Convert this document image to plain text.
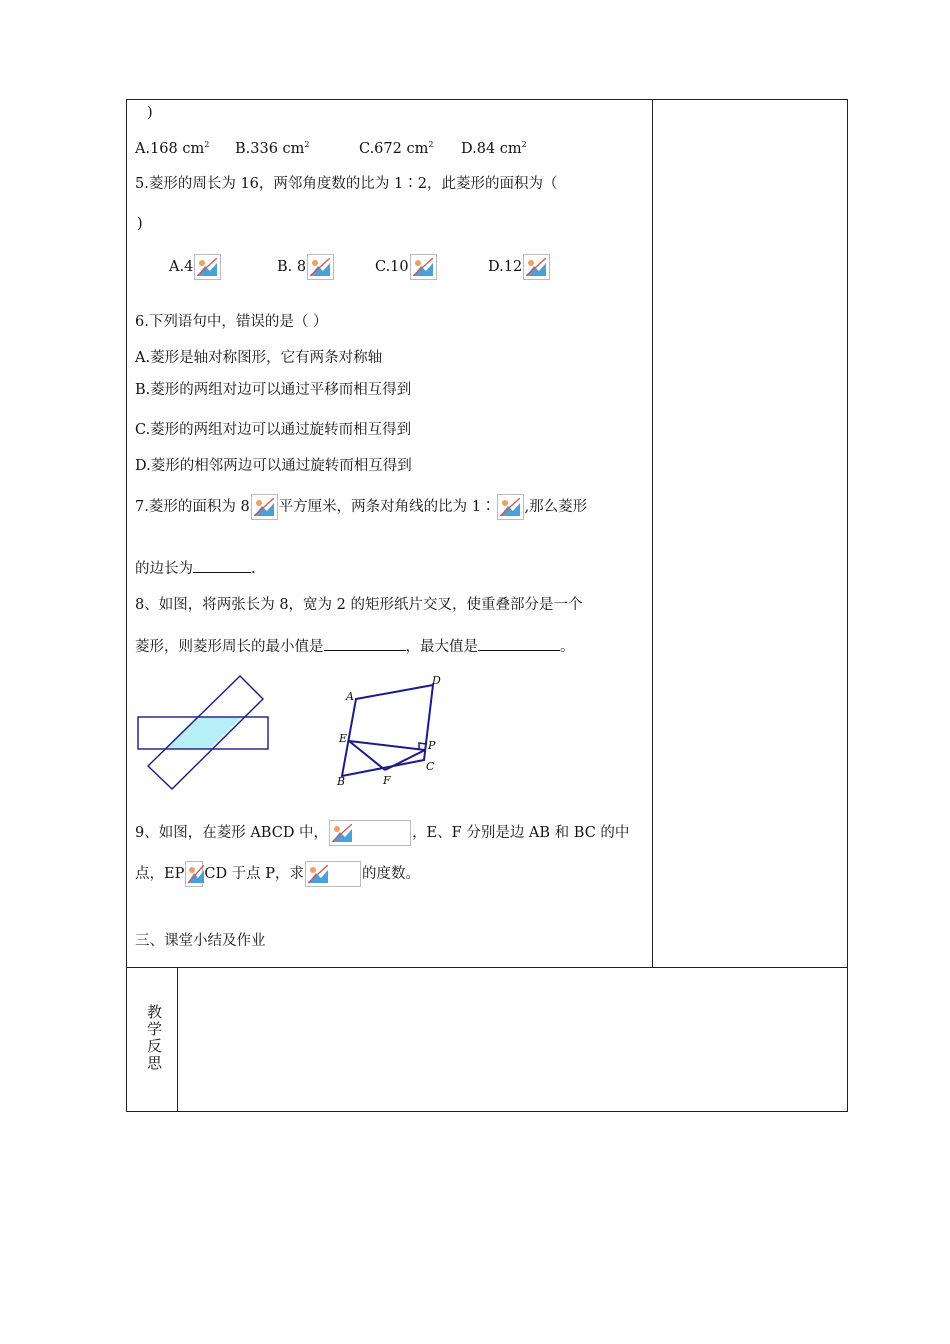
)
A.168 $cm^2$ B.336 $cm^2$	C.672 $cm^2$ D.84 $cm^2$
5.菱形的周长为 16，两邻角度数的比为 1∶2，此菱形的面积为（
)
A.4	B. 8	C.10	D.12
6.下列语句中，错误的是（ ）
A.菱形是轴对称图形，它有两条对称轴
B.菱形的两组对边可以通过平移而相互得到
C.菱形的两组对边可以通过旋转而相互得到
D.菱形的相邻两边可以通过旋转而相互得到
7.菱形的面积为 8 平方厘米，两条对角线的比为 1∶ ,那么菱形
的边长为	.
8、如图，将两张长为 8，宽为 2 的矩形纸片交叉，使重叠部分是一个
菱形，则菱形周长的最小值是	，最大值是	。
A
D
E
P
C
F
B
9、如图，在菱形 ABCD 中，	，E、F 分别是边 AB 和 BC 的中
点，EP CD 于点 P，求	的度数。
三、课堂小结及作业
教学反思
